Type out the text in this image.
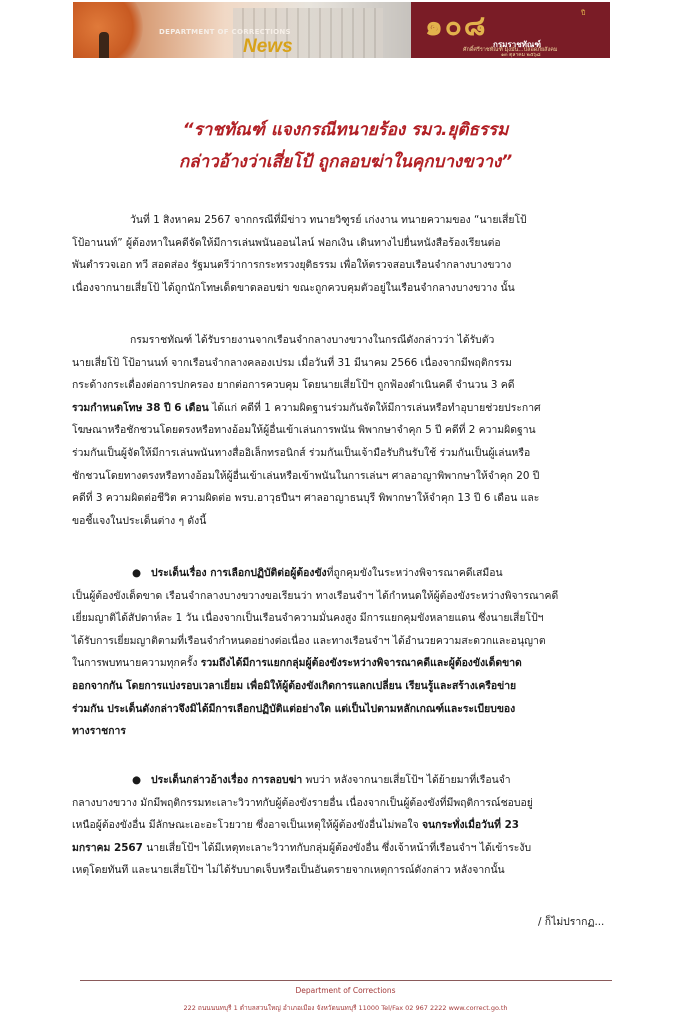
DEPARTMENT OF CORRECTIONS
News
๑๐๘	ปี
กรมราชทัณฑ์
ศักดิ์ศรีราชทัณฑ์ มุ่งมั่น...ปลอดภัยสังคม
๑๓ ตุลาคม ๒๕๖๘
“ราชทัณฑ์ แจงกรณีทนายร้อง รมว.ยุติธรรม
กล่าวอ้างว่าเสี่ยโป้ ถูกลอบฆ่าในคุกบางขวาง”

วันที่ 1 สิงหาคม 2567 จากกรณีที่มีข่าว ทนายวิฑูรย์ เก่งงาน ทนายความของ “นายเสี่ยโป้

โป้อานนท์” ผู้ต้องหาในคดีจัดให้มีการเล่นพนันออนไลน์ ฟอกเงิน เดินทางไปยื่นหนังสือร้องเรียนต่อ

พันตำรวจเอก ทวี สอดส่อง รัฐมนตรีว่าการกระทรวงยุติธรรม เพื่อให้ตรวจสอบเรือนจำกลางบางขวาง

เนื่องจากนายเสี่ยโป้ ได้ถูกนักโทษเด็ดขาดลอบฆ่า ขณะถูกควบคุมตัวอยู่ในเรือนจำกลางบางขวาง นั้น

กรมราชทัณฑ์ ได้รับรายงานจากเรือนจำกลางบางขวางในกรณีดังกล่าวว่า ได้รับตัว

นายเสี่ยโป้ โป้อานนท์ จากเรือนจำกลางคลองเปรม เมื่อวันที่ 31 มีนาคม 2566 เนื่องจากมีพฤติกรรม

กระด้างกระเดื่องต่อการปกครอง ยากต่อการควบคุม โดยนายเสี่ยโป้ฯ ถูกฟ้องดำเนินคดี จำนวน 3 คดี

รวมกำหนดโทษ 38 ปี 6 เดือน ได้แก่ คดีที่ 1 ความผิดฐานร่วมกันจัดให้มีการเล่นหรือทำอุบายช่วยประกาศ

โฆษณาหรือชักชวนโดยตรงหรือทางอ้อมให้ผู้อื่นเข้าเล่นการพนัน พิพากษาจำคุก 5 ปี คดีที่ 2 ความผิดฐาน

ร่วมกันเป็นผู้จัดให้มีการเล่นพนันทางสื่ออิเล็กทรอนิกส์ ร่วมกันเป็นเจ้ามือรับกินรับใช้ ร่วมกันเป็นผู้เล่นหรือ

ชักชวนโดยทางตรงหรือทางอ้อมให้ผู้อื่นเข้าเล่นหรือเข้าพนันในการเล่นฯ ศาลอาญาพิพากษาให้จำคุก 20 ปี

คดีที่ 3 ความผิดต่อชีวิต ความผิดต่อ พรบ.อาวุธปืนฯ ศาลอาญาธนบุรี พิพากษาให้จำคุก 13 ปี 6 เดือน และ

ขอชี้แจงในประเด็นต่าง ๆ ดังนี้

● ประเด็นเรื่อง การเลือกปฏิบัติต่อผู้ต้องขังที่ถูกคุมขังในระหว่างพิจารณาคดีเสมือน

เป็นผู้ต้องขังเด็ดขาด เรือนจำกลางบางขวางขอเรียนว่า ทางเรือนจำฯ ได้กำหนดให้ผู้ต้องขังระหว่างพิจารณาคดี

เยี่ยมญาติได้สัปดาห์ละ 1 วัน เนื่องจากเป็นเรือนจำความมั่นคงสูง มีการแยกคุมขังหลายแดน ซึ่งนายเสี่ยโป้ฯ

ได้รับการเยี่ยมญาติตามที่เรือนจำกำหนดอย่างต่อเนื่อง และทางเรือนจำฯ ได้อำนวยความสะดวกและอนุญาต

ในการพบทนายความทุกครั้ง รวมถึงได้มีการแยกกลุ่มผู้ต้องขังระหว่างพิจารณาคดีและผู้ต้องขังเด็ดขาด

ออกจากกัน โดยการแบ่งรอบเวลาเยี่ยม เพื่อมิให้ผู้ต้องขังเกิดการแลกเปลี่ยน เรียนรู้และสร้างเครือข่าย

ร่วมกัน ประเด็นดังกล่าวจึงมิได้มีการเลือกปฏิบัติแต่อย่างใด แต่เป็นไปตามหลักเกณฑ์และระเบียบของ

ทางราชการ

● ประเด็นกล่าวอ้างเรื่อง การลอบฆ่า พบว่า หลังจากนายเสี่ยโป้ฯ ได้ย้ายมาที่เรือนจำ

กลางบางขวาง มักมีพฤติกรรมทะเลาะวิวาทกับผู้ต้องขังรายอื่น เนื่องจากเป็นผู้ต้องขังที่มีพฤติการณ์ชอบอยู่

เหนือผู้ต้องขังอื่น มีลักษณะเอะอะโวยวาย ซึ่งอาจเป็นเหตุให้ผู้ต้องขังอื่นไม่พอใจ จนกระทั่งเมื่อวันที่ 23

มกราคม 2567 นายเสี่ยโป้ฯ ได้มีเหตุทะเลาะวิวาทกับกลุ่มผู้ต้องขังอื่น ซึ่งเจ้าหน้าที่เรือนจำฯ ได้เข้าระงับ

เหตุโดยทันที และนายเสี่ยโป้ฯ ไม่ได้รับบาดเจ็บหรือเป็นอันตรายจากเหตุการณ์ดังกล่าว หลังจากนั้น

/ ก็ไม่ปรากฏ...
Department of Corrections
222 ถนนนนทบุรี 1 ตำบลสวนใหญ่ อำเภอเมือง จังหวัดนนทบุรี 11000 Tel/Fax 02 967 2222 www.correct.go.th
